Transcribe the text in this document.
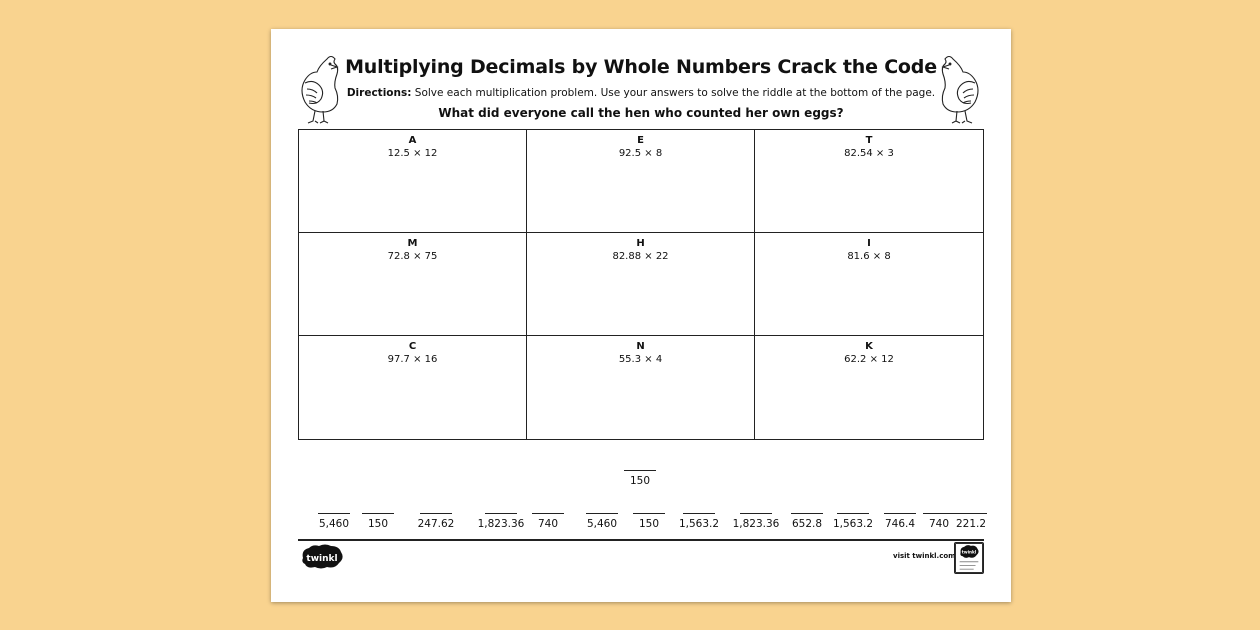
Multiplying Decimals by Whole Numbers Crack the Code
Directions: Solve each multiplication problem. Use your answers to solve the riddle at the bottom of the page.
What did everyone call the hen who counted her own eggs?
A
12.5 × 12
E
92.5 × 8
T
82.54 × 3
M
72.8 × 75
H
82.88 × 22
I
81.6 × 8
C
97.7 × 16
N
55.3 × 4
K
62.2 × 12
150
5,460	150	247.62	1,823.36	740	5,460	150	1,563.2	1,823.36	652.8	1,563.2	746.4	740 221.2
twinkl	visit twinkl.com
twinkl
